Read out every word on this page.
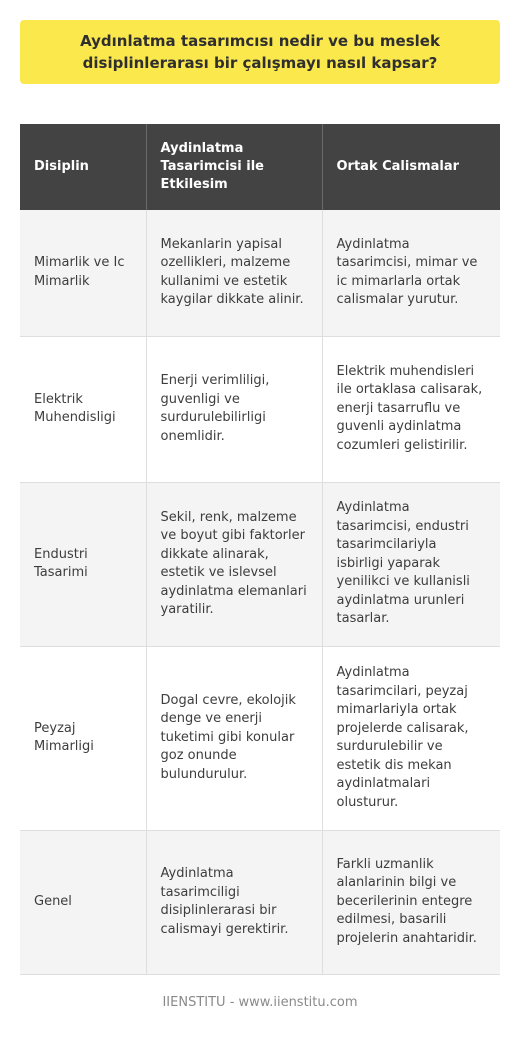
Aydınlatma tasarımcısı nedir ve bu meslek disiplinlerarası bir çalışmayı nasıl kapsar?
Disiplin	Aydinlatma Tasarimcisi ile Etkilesim	Ortak Calismalar
Mimarlik ve Ic Mimarlik	Mekanlarin yapisal ozellikleri, malzeme kullanimi ve estetik kaygilar dikkate alinir.	Aydinlatma tasarimcisi, mimar ve ic mimarlarla ortak calismalar yurutur.
Elektrik Muhendisligi	Enerji verimliligi, guvenligi ve surdurulebilirligi onemlidir.	Elektrik muhendisleri ile ortaklasa calisarak, enerji tasarruflu ve guvenli aydinlatma cozumleri gelistirilir.
Endustri Tasarimi	Sekil, renk, malzeme ve boyut gibi faktorler dikkate alinarak, estetik ve islevsel aydinlatma elemanlari yaratilir.	Aydinlatma tasarimcisi, endustri tasarimcilariyla isbirligi yaparak yenilikci ve kullanisli aydinlatma urunleri tasarlar.
Peyzaj Mimarligi	Dogal cevre, ekolojik denge ve enerji tuketimi gibi konular goz onunde bulundurulur.	Aydinlatma tasarimcilari, peyzaj mimarlariyla ortak projelerde calisarak, surdurulebilir ve estetik dis mekan aydinlatmalari olusturur.
Genel	Aydinlatma tasarimciligi disiplinlerarasi bir calismayi gerektirir.	Farkli uzmanlik alanlarinin bilgi ve becerilerinin entegre edilmesi, basarili projelerin anahtaridir.
IIENSTITU - www.iienstitu.com
